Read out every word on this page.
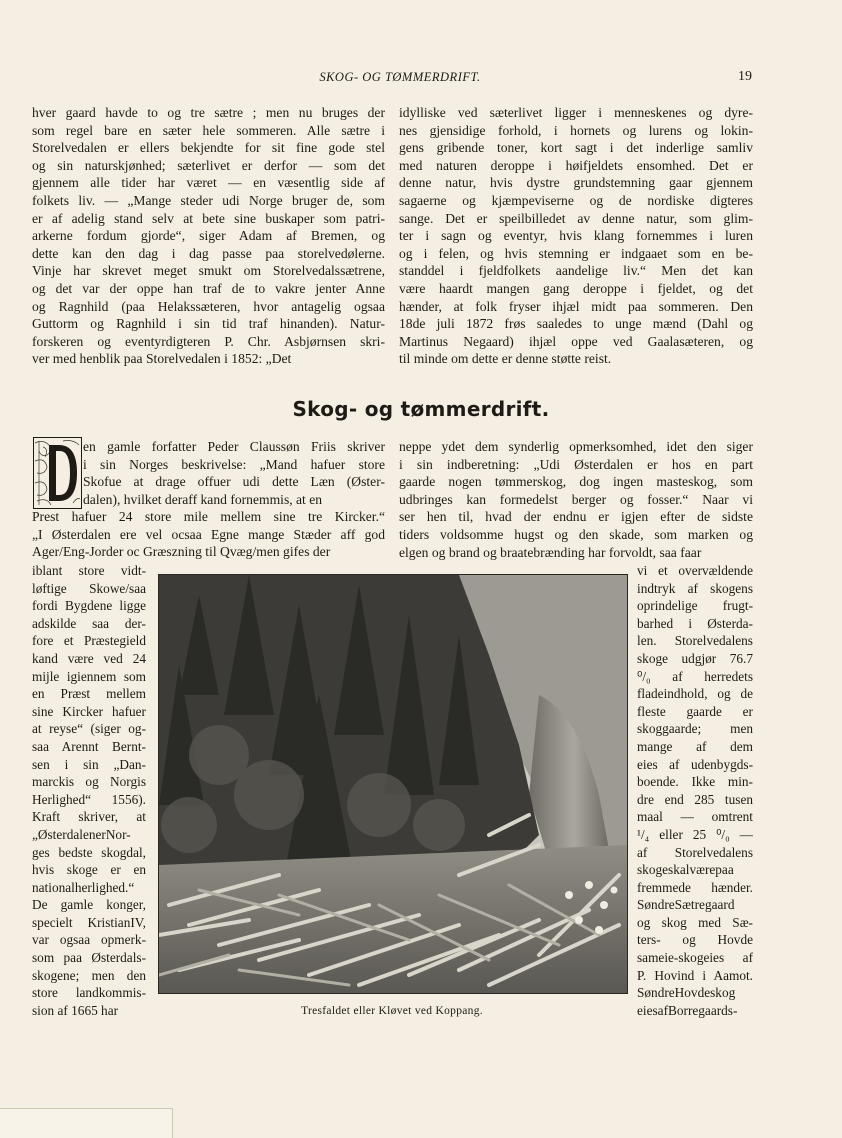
SKOG- OG TØMMERDRIFT.	19
hver gaard havde to og tre sætre ; men nu bruges der
som regel bare en sæter hele sommeren. Alle sætre i
Storelvedalen er ellers bekjendte for sit fine gode stel
og sin naturskjønhed; sæterlivet er derfor — som det
gjennem alle tider har været — en væsentlig side af
folkets liv. — „Mange steder udi Norge bruger de, som
er af adelig stand selv at bete sine buskaper som patri-
arkerne fordum gjorde“, siger Adam af Bremen, og
dette kan den dag i dag passe paa storelvedølerne.
Vinje har skrevet meget smukt om Storelvedalssætrene,
og det var der oppe han traf de to vakre jenter Anne
og Ragnhild (paa Helakssæteren, hvor antagelig ogsaa
Guttorm og Ragnhild i sin tid traf hinanden). Natur-
forskeren og eventyrdigteren P. Chr. Asbjørnsen skri-
ver med henblik paa Storelvedalen i 1852: „Det
idylliske ved sæterlivet ligger i menneskenes og dyre-
nes gjensidige forhold, i hornets og lurens og lokin-
gens gribende toner, kort sagt i det inderlige samliv
med naturen deroppe i høifjeldets ensomhed. Det er
denne natur, hvis dystre grundstemning gaar gjennem
sagaerne og kjæmpeviserne og de nordiske digteres
sange. Det er speilbilledet av denne natur, som glim-
ter i sagn og eventyr, hvis klang fornemmes i luren
og i felen, og hvis stemning er indgaaet som en be-
standdel i fjeldfolkets aandelige liv.“ Men det kan
være haardt mangen gang deroppe i fjeldet, og det
hænder, at folk fryser ihjæl midt paa sommeren. Den
18de juli 1872 frøs saaledes to unge mænd (Dahl og
Martinus Negaard) ihjæl oppe ved Gaalasæteren, og
til minde om dette er denne støtte reist.
Skog- og tømmerdrift.
en gamle forfatter Peder Claussøn Friis skriver
i sin Norges beskrivelse: „Mand hafuer store
Skofue at drage offuer udi dette Læn (Øster-
dalen), hvilket deraff kand fornemmis, at en
Prest hafuer 24 store mile mellem sine tre Kircker.“
„I Østerdalen ere vel ocsaa Egne mange Stæder aff god
Ager/Eng-Jorder oc Græszning til Qvæg/men gifes der
iblant store vidt-
løftige Skowe/saa
fordi Bygdene ligge
adskilde saa der-
fore et Præstegield
kand være ved 24
mijle igiennem som
en Præst mellem
sine Kircker hafuer
at reyse“ (siger og-
saa Arennt Bernt-
sen i sin „Dan-
marckis og Norgis
Herlighed“ 1556).
Kraft skriver, at
„ØsterdalenerNor-
ges bedste skogdal,
hvis skoge er en
nationalherlighed.“
De gamle konger,
specielt KristianIV,
var ogsaa opmerk-
som paa Østerdals-
skogene; men den
store landkommis-
sion af 1665 har
neppe ydet dem synderlig opmerksomhed, idet den siger
i sin indberetning: „Udi Østerdalen er hos en part
gaarde nogen tømmerskog, dog ingen masteskog, som
udbringes kan formedelst berger og fosser.“ Naar vi
ser hen til, hvad der endnu er igjen efter de sidste
tiders voldsomme hugst og den skade, som marken og
elgen og brand og braatebrænding har forvoldt, saa faar
vi et overvældende
indtryk af skogens
oprindelige frugt-
barhed i Østerda-
len. Storelvedalens
skoge udgjør 76.7
⁰/₀ af herredets
fladeindhold, og de
fleste gaarde er
skoggaarde; men
mange af dem
eies af udenbygds-
boende. Ikke min-
dre end 285 tusen
maal — omtrent
¹/₄ eller 25 ⁰/₀ —
af Storelvedalens
skogeskalværepaa
fremmede hænder.
SøndreSætregaard
og skog med Sæ-
ters- og Hovde
sameie-skogeies af
P. Hovind i Aamot.
SøndreHovdeskog
eiesafBorregaards-
Tresfaldet eller Kløvet ved Koppang.
